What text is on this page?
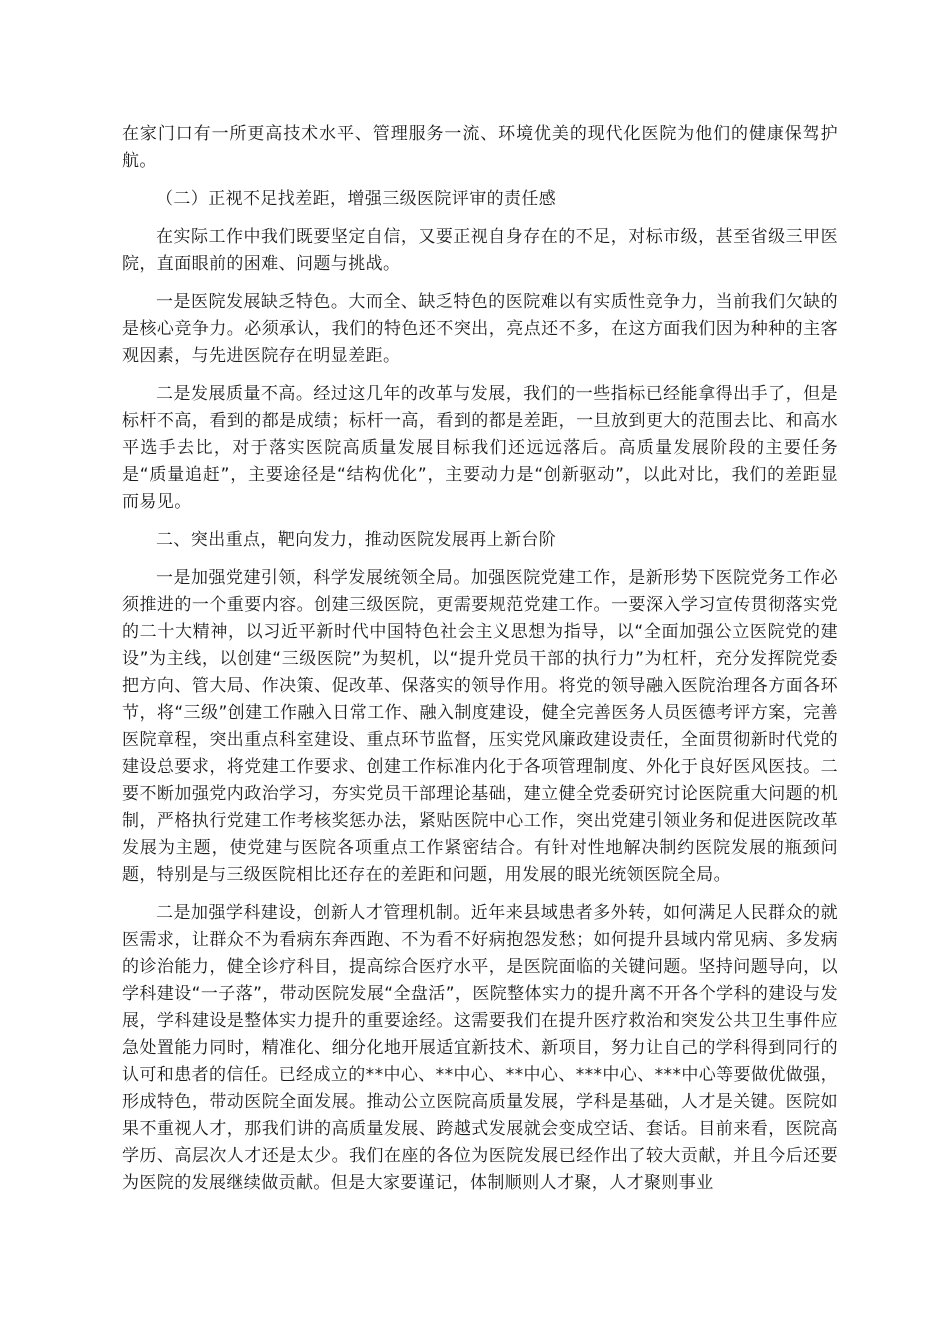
在家门口有一所更高技术水平、管理服务一流、环境优美的现代化医院为他们的健康保驾护航。

（二）正视不足找差距，增强三级医院评审的责任感

在实际工作中我们既要坚定自信，又要正视自身存在的不足，对标市级，甚至省级三甲医院，直面眼前的困难、问题与挑战。

一是医院发展缺乏特色。大而全、缺乏特色的医院难以有实质性竞争力，当前我们欠缺的是核心竞争力。必须承认，我们的特色还不突出，亮点还不多，在这方面我们因为种种的主客观因素，与先进医院存在明显差距。

二是发展质量不高。经过这几年的改革与发展，我们的一些指标已经能拿得出手了，但是标杆不高，看到的都是成绩；标杆一高，看到的都是差距，一旦放到更大的范围去比、和高水平选手去比，对于落实医院高质量发展目标我们还远远落后。高质量发展阶段的主要任务是“质量追赶”，主要途径是“结构优化”，主要动力是“创新驱动”，以此对比，我们的差距显而易见。

二、突出重点，靶向发力，推动医院发展再上新台阶

一是加强党建引领，科学发展统领全局。加强医院党建工作，是新形势下医院党务工作必须推进的一个重要内容。创建三级医院，更需要规范党建工作。一要深入学习宣传贯彻落实党的二十大精神，以习近平新时代中国特色社会主义思想为指导，以“全面加强公立医院党的建设”为主线，以创建“三级医院”为契机，以“提升党员干部的执行力”为杠杆，充分发挥院党委把方向、管大局、作决策、促改革、保落实的领导作用。将党的领导融入医院治理各方面各环节，将“三级”创建工作融入日常工作、融入制度建设，健全完善医务人员医德考评方案，完善医院章程，突出重点科室建设、重点环节监督，压实党风廉政建设责任，全面贯彻新时代党的建设总要求，将党建工作要求、创建工作标准内化于各项管理制度、外化于良好医风医技。二要不断加强党内政治学习，夯实党员干部理论基础，建立健全党委研究讨论医院重大问题的机制，严格执行党建工作考核奖惩办法，紧贴医院中心工作，突出党建引领业务和促进医院改革发展为主题，使党建与医院各项重点工作紧密结合。有针对性地解决制约医院发展的瓶颈问题，特别是与三级医院相比还存在的差距和问题，用发展的眼光统领医院全局。

二是加强学科建设，创新人才管理机制。近年来县域患者多外转，如何满足人民群众的就医需求，让群众不为看病东奔西跑、不为看不好病抱怨发愁；如何提升县域内常见病、多发病的诊治能力，健全诊疗科目，提高综合医疗水平，是医院面临的关键问题。坚持问题导向，以学科建设“一子落”，带动医院发展“全盘活”，医院整体实力的提升离不开各个学科的建设与发展，学科建设是整体实力提升的重要途经。这需要我们在提升医疗救治和突发公共卫生事件应急处置能力同时，精准化、细分化地开展适宜新技术、新项目，努力让自己的学科得到同行的认可和患者的信任。已经成立的**中心、**中心、**中心、***中心、***中心等要做优做强，形成特色，带动医院全面发展。推动公立医院高质量发展，学科是基础，人才是关键。医院如果不重视人才，那我们讲的高质量发展、跨越式发展就会变成空话、套话。目前来看，医院高学历、高层次人才还是太少。我们在座的各位为医院发展已经作出了较大贡献，并且今后还要为医院的发展继续做贡献。但是大家要谨记，体制顺则人才聚，人才聚则事业
